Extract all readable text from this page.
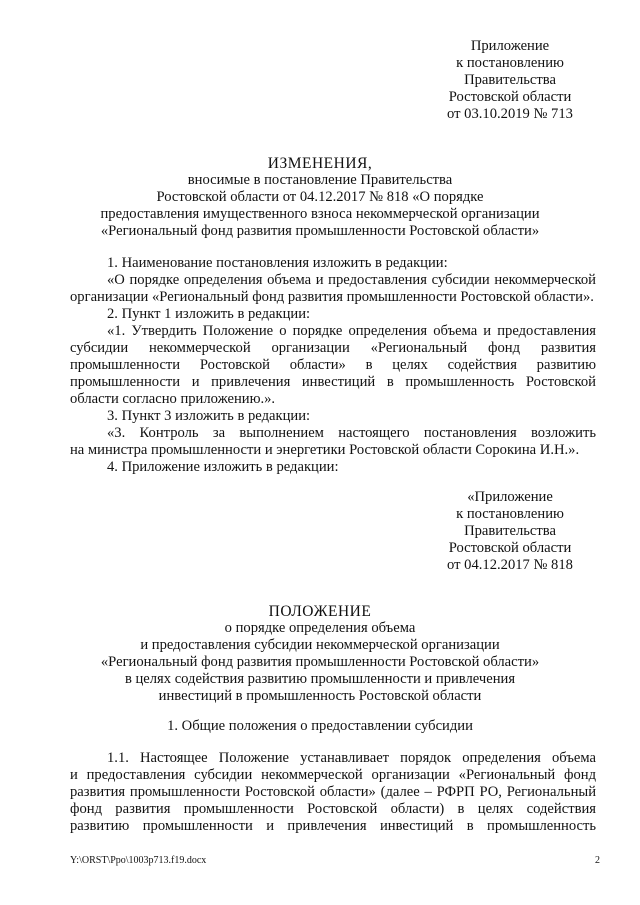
Приложение
к постановлению
Правительства
Ростовской области
от 03.10.2019 № 713
ИЗМЕНЕНИЯ,
вносимые в постановление Правительства
Ростовской области от 04.12.2017 № 818 «О порядке
предоставления имущественного взноса некоммерческой организации
«Региональный фонд развития промышленности Ростовской области»
1. Наименование постановления изложить в редакции:
«О порядке определения объема и предоставления субсидии некоммерческой
организации «Региональный фонд развития промышленности Ростовской области».
2. Пункт 1 изложить в редакции:
«1. Утвердить Положение о порядке определения объема и предоставления
субсидии некоммерческой организации «Региональный фонд развития
промышленности Ростовской области» в целях содействия развитию
промышленности и привлечения инвестиций в промышленность Ростовской
области согласно приложению.».
3. Пункт 3 изложить в редакции:
«3. Контроль за выполнением настоящего постановления возложить
на министра промышленности и энергетики Ростовской области Сорокина И.Н.».
4. Приложение изложить в редакции:
«Приложение
к постановлению
Правительства
Ростовской области
от 04.12.2017 № 818
ПОЛОЖЕНИЕ
о порядке определения объема
и предоставления субсидии некоммерческой организации
«Региональный фонд развития промышленности Ростовской области»
в целях содействия развитию промышленности и привлечения
инвестиций в промышленность Ростовской области
1. Общие положения о предоставлении субсидии
1.1. Настоящее Положение устанавливает порядок определения объема
и предоставления субсидии некоммерческой организации «Региональный фонд
развития промышленности Ростовской области» (далее – РФРП РО, Региональный
фонд развития промышленности Ростовской области) в целях содействия
развитию промышленности и привлечения инвестиций в промышленность
Y:\ORST\Ppo\1003p713.f19.docx	2
